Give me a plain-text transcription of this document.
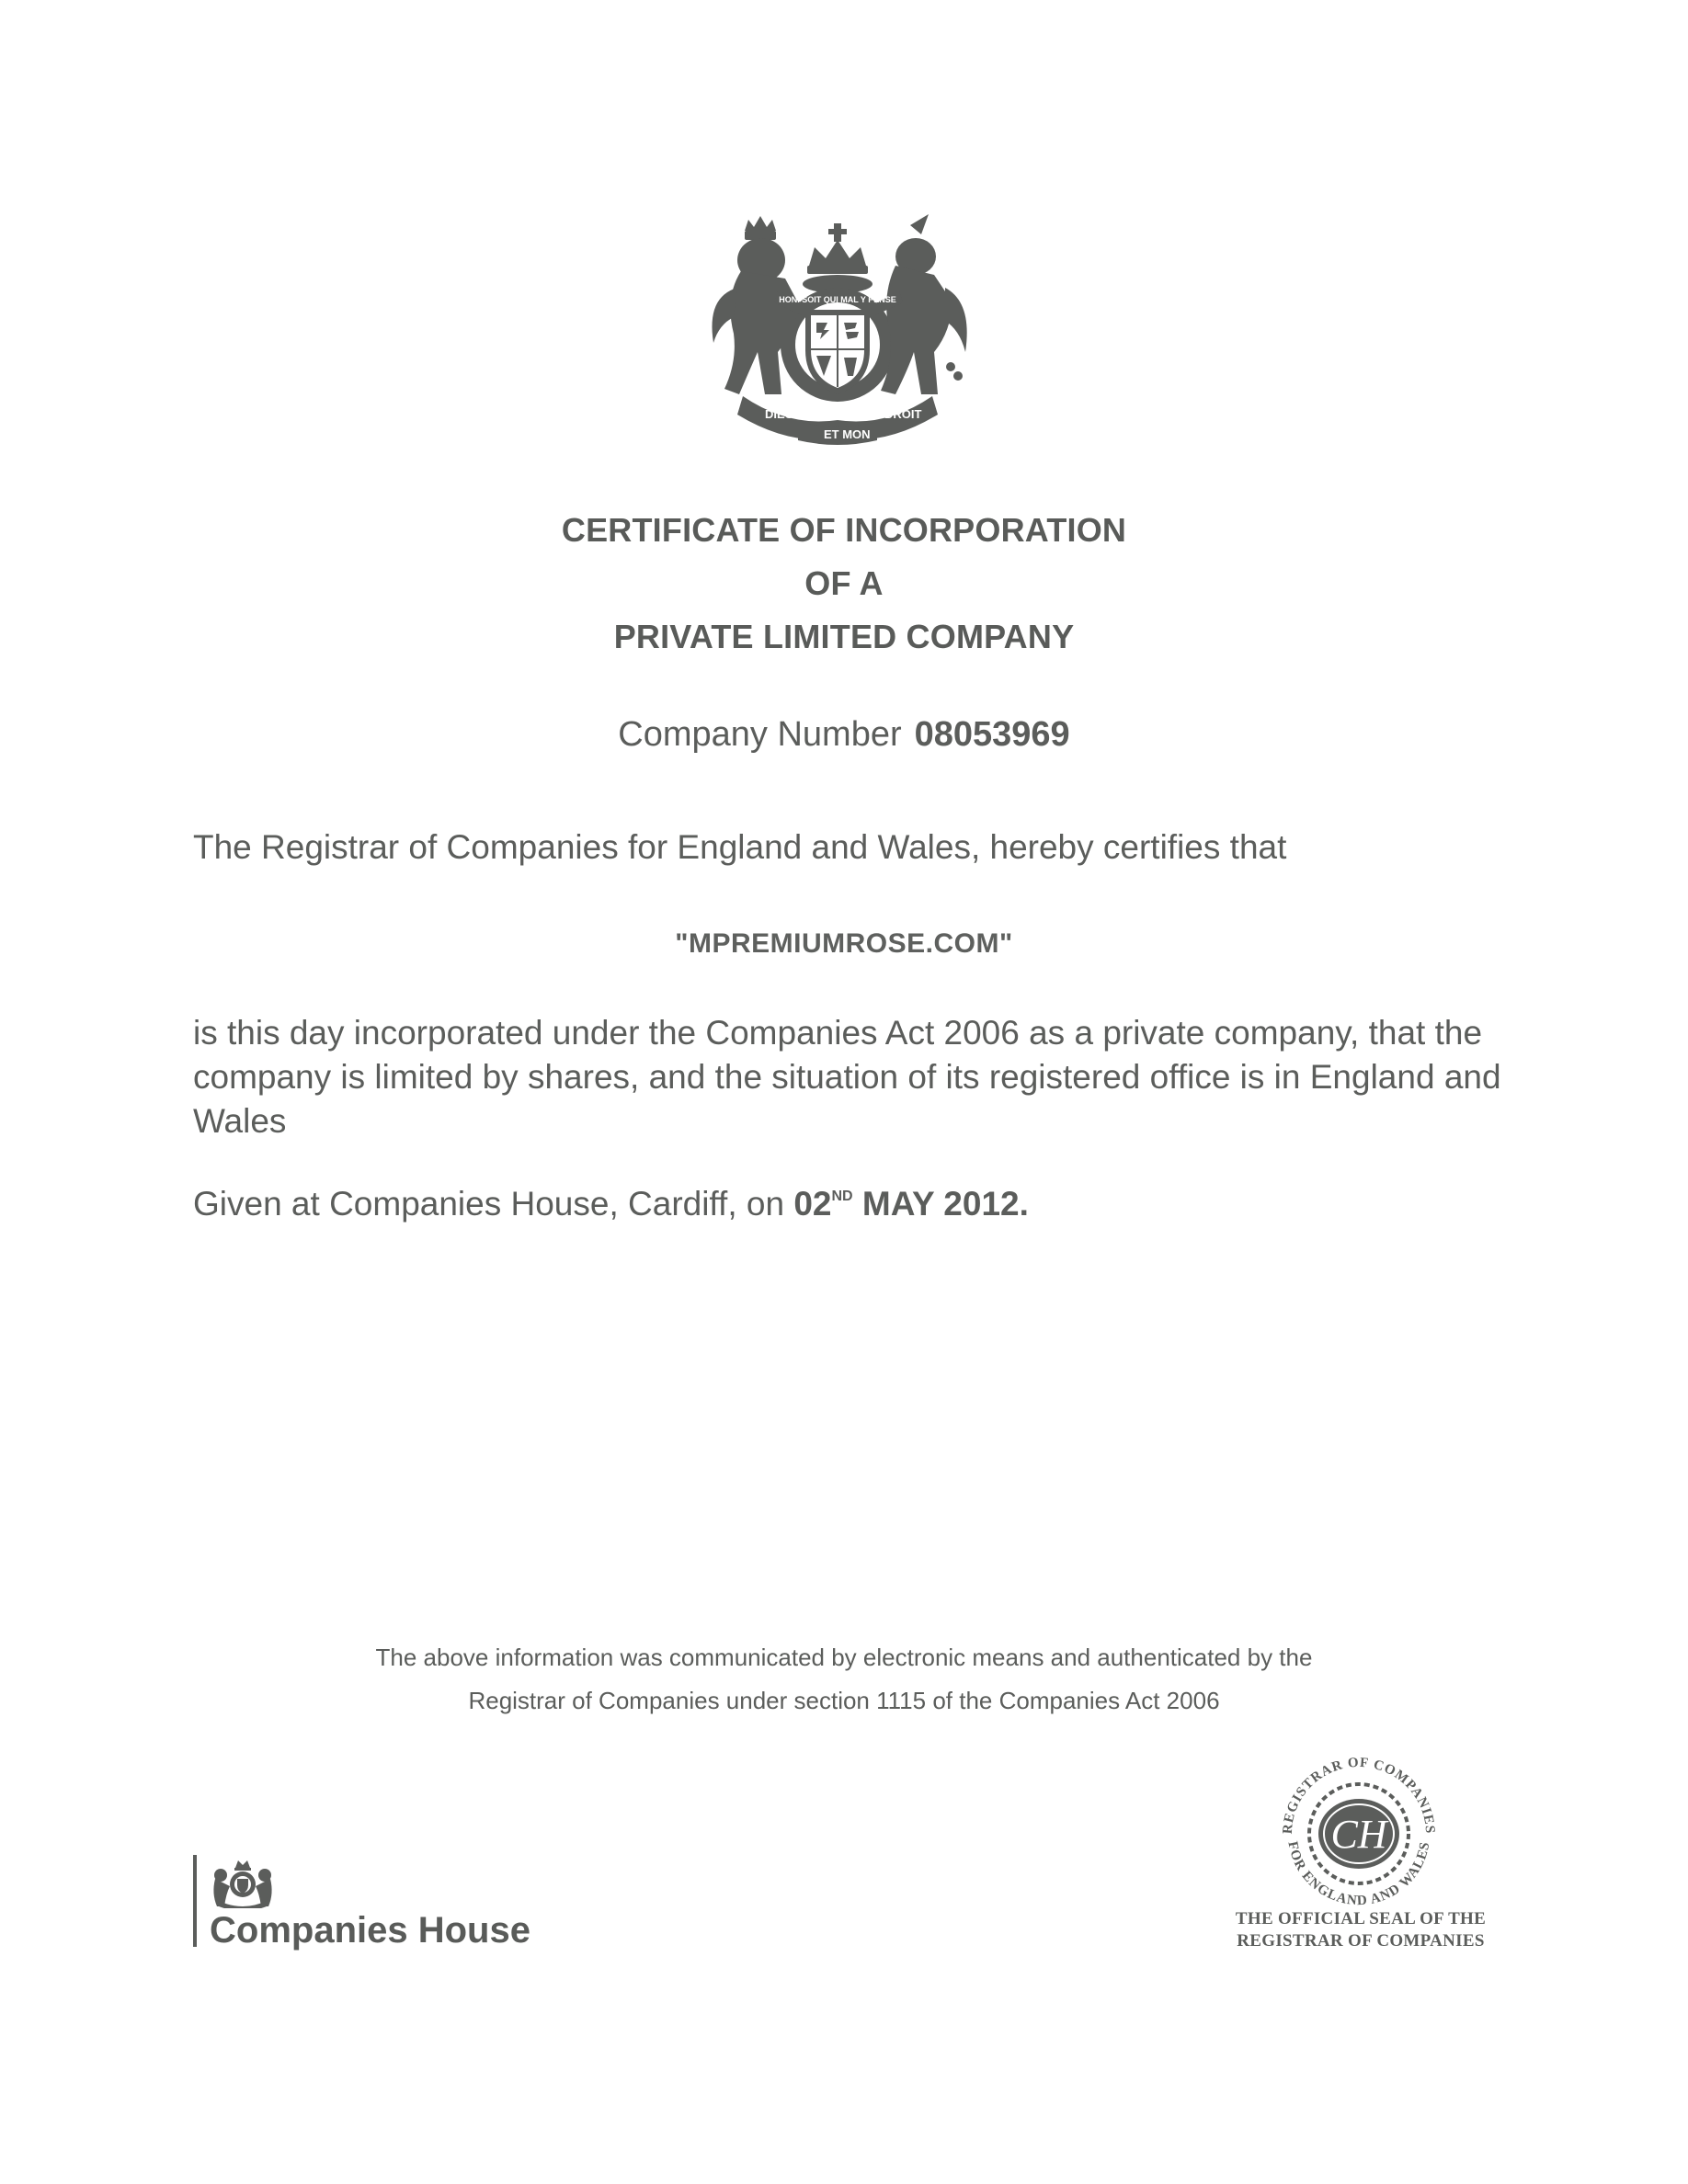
DIEU
ET MON
DROIT
HONI SOIT QUI MAL Y PENSE
CERTIFICATE OF INCORPORATION
OF A
PRIVATE LIMITED COMPANY
Company Number 08053969
The Registrar of Companies for England and Wales, hereby certifies that
"MPREMIUMROSE.COM"
is this day incorporated under the Companies Act 2006 as a private company, that the company is limited by shares, and the situation of its registered office is in England and Wales
Given at Companies House, Cardiff, on 02ND MAY 2012.
The above information was communicated by electronic means and authenticated by the
Registrar of Companies under section 1115 of the Companies Act 2006
Companies House
REGISTRAR OF COMPANIES
FOR ENGLAND AND WALES
CH
THE OFFICIAL SEAL OF THE
REGISTRAR OF COMPANIES
